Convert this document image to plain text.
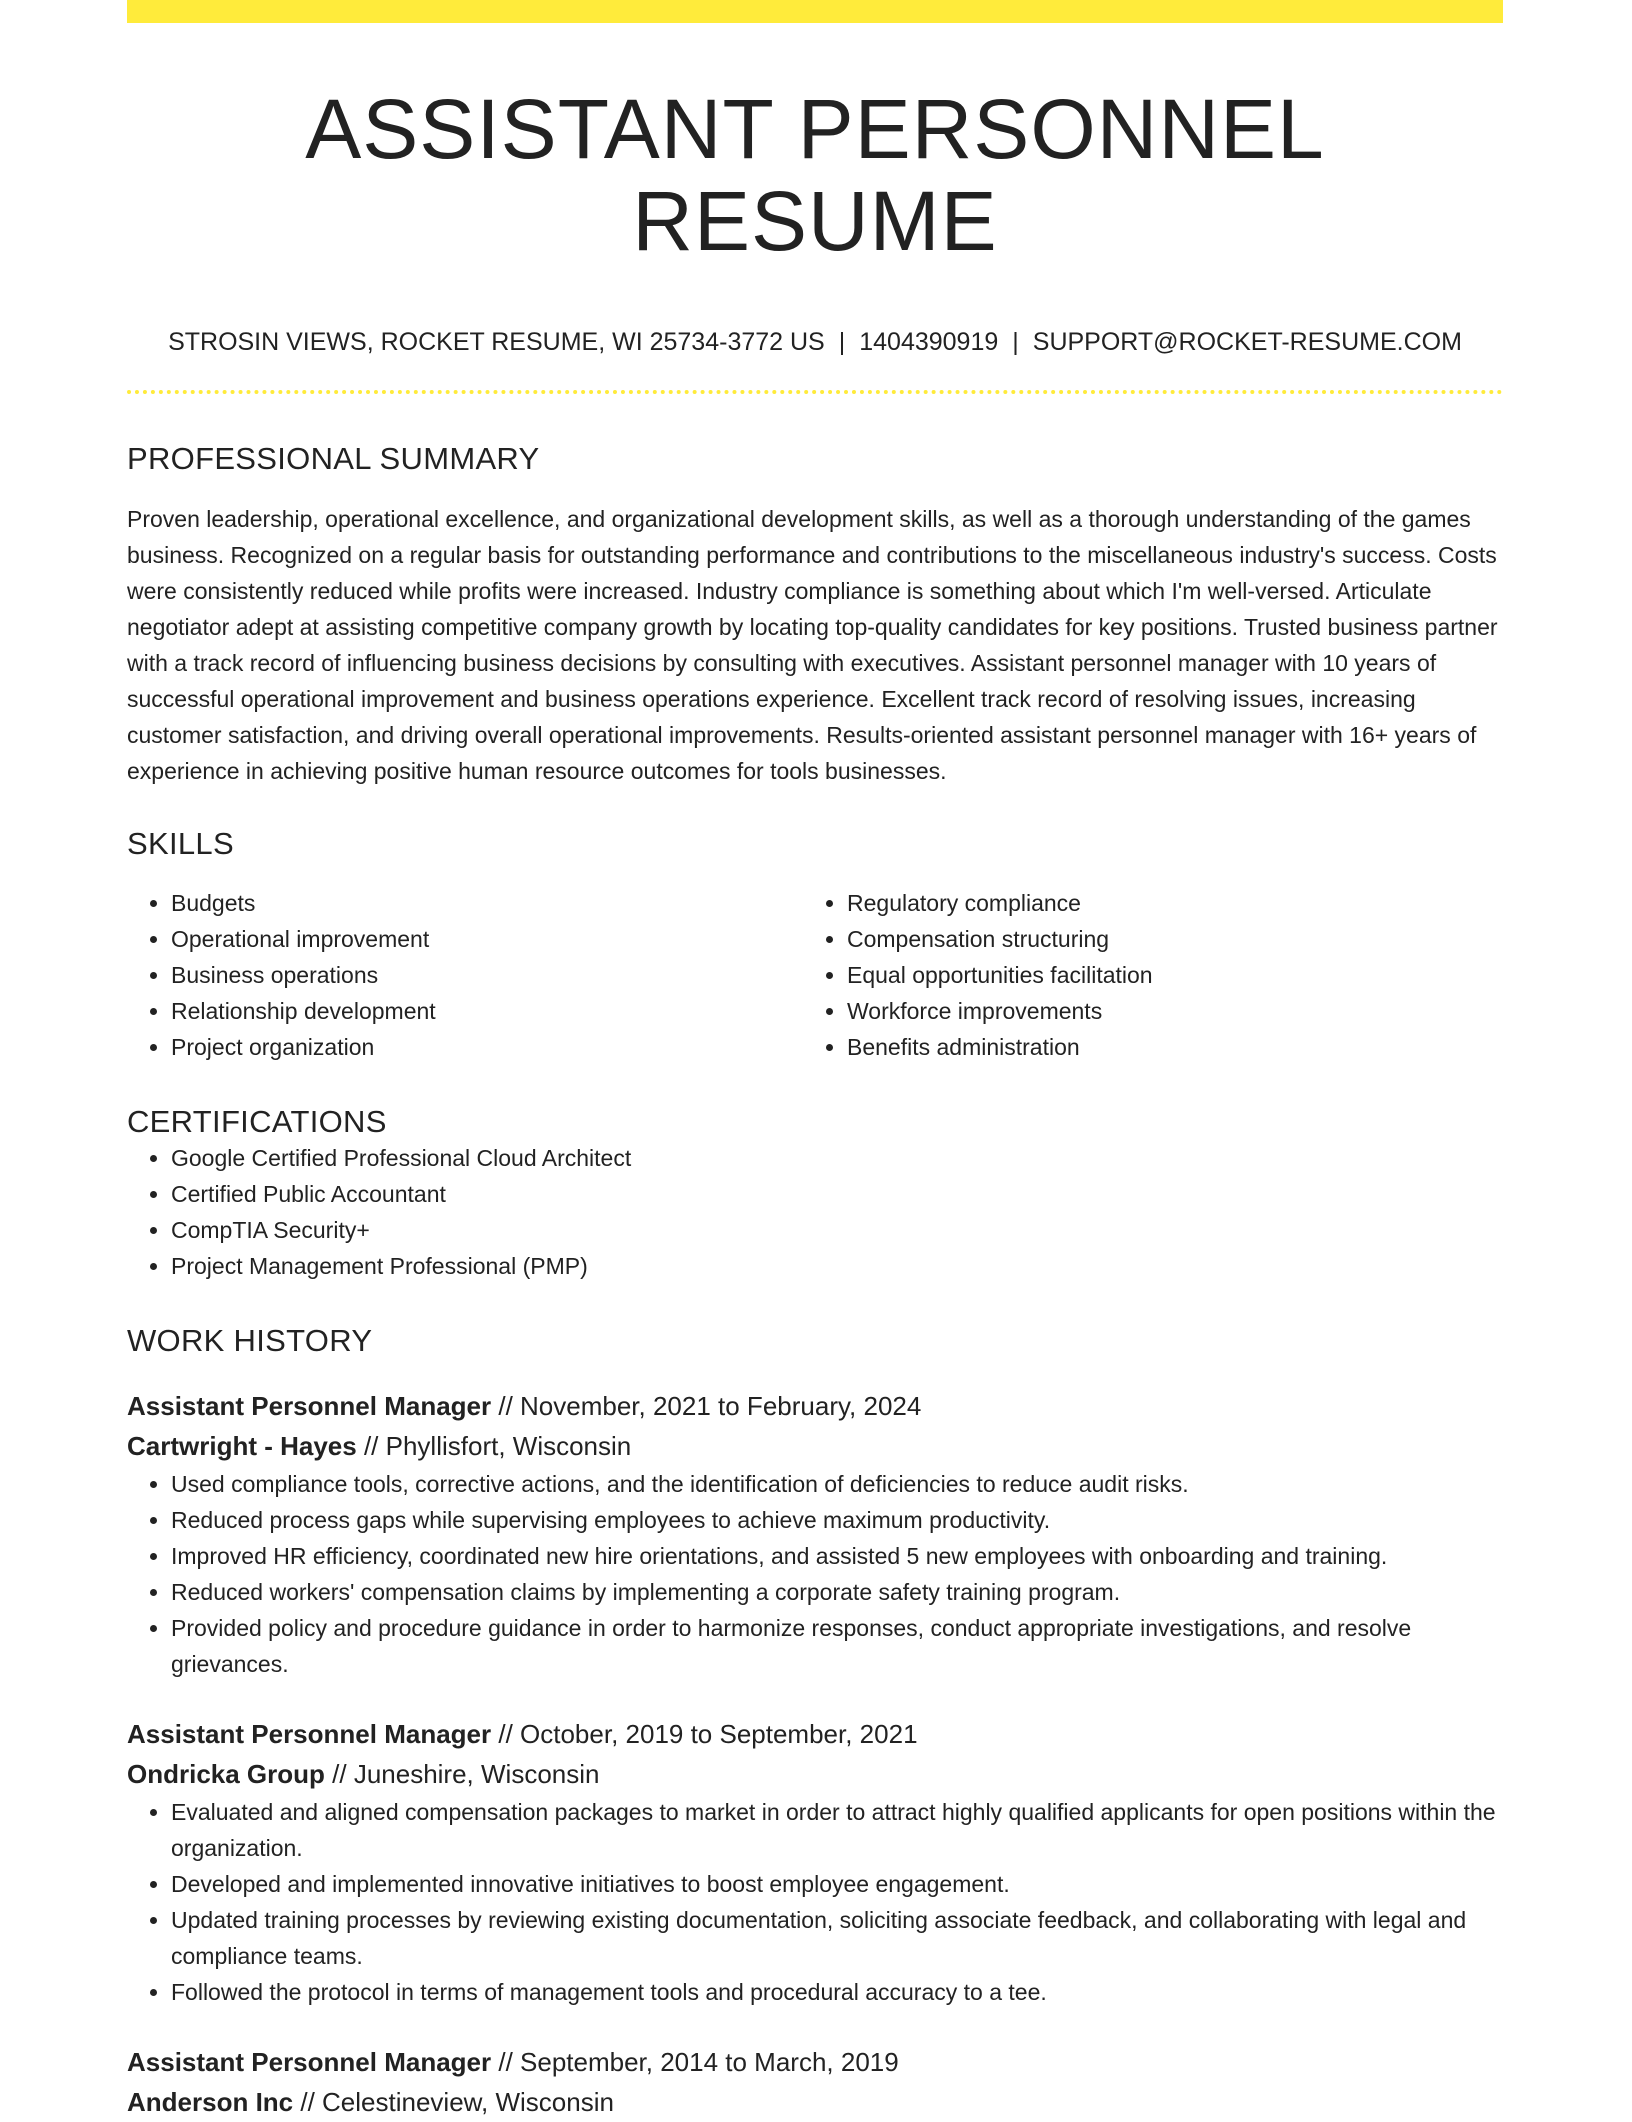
ASSISTANT PERSONNEL RESUME
STROSIN VIEWS, ROCKET RESUME, WI 25734-3772 US | 1404390919 | SUPPORT@ROCKET-RESUME.COM
PROFESSIONAL SUMMARY
Proven leadership, operational excellence, and organizational development skills, as well as a thorough understanding of the games business. Recognized on a regular basis for outstanding performance and contributions to the miscellaneous industry's success. Costs were consistently reduced while profits were increased. Industry compliance is something about which I'm well-versed. Articulate negotiator adept at assisting competitive company growth by locating top-quality candidates for key positions. Trusted business partner with a track record of influencing business decisions by consulting with executives. Assistant personnel manager with 10 years of successful operational improvement and business operations experience. Excellent track record of resolving issues, increasing customer satisfaction, and driving overall operational improvements. Results-oriented assistant personnel manager with 16+ years of experience in achieving positive human resource outcomes for tools businesses.
SKILLS
• Budgets
• Operational improvement
• Business operations
• Relationship development
• Project organization
• Regulatory compliance
• Compensation structuring
• Equal opportunities facilitation
• Workforce improvements
• Benefits administration
CERTIFICATIONS
• Google Certified Professional Cloud Architect
• Certified Public Accountant
• CompTIA Security+
• Project Management Professional (PMP)
WORK HISTORY
Assistant Personnel Manager // November, 2021 to February, 2024
Cartwright - Hayes // Phyllisfort, Wisconsin
• Used compliance tools, corrective actions, and the identification of deficiencies to reduce audit risks.
• Reduced process gaps while supervising employees to achieve maximum productivity.
• Improved HR efficiency, coordinated new hire orientations, and assisted 5 new employees with onboarding and training.
• Reduced workers' compensation claims by implementing a corporate safety training program.
• Provided policy and procedure guidance in order to harmonize responses, conduct appropriate investigations, and resolve grievances.
Assistant Personnel Manager // October, 2019 to September, 2021
Ondricka Group // Juneshire, Wisconsin
• Evaluated and aligned compensation packages to market in order to attract highly qualified applicants for open positions within the organization.
• Developed and implemented innovative initiatives to boost employee engagement.
• Updated training processes by reviewing existing documentation, soliciting associate feedback, and collaborating with legal and compliance teams.
• Followed the protocol in terms of management tools and procedural accuracy to a tee.
Assistant Personnel Manager // September, 2014 to March, 2019
Anderson Inc // Celestineview, Wisconsin
